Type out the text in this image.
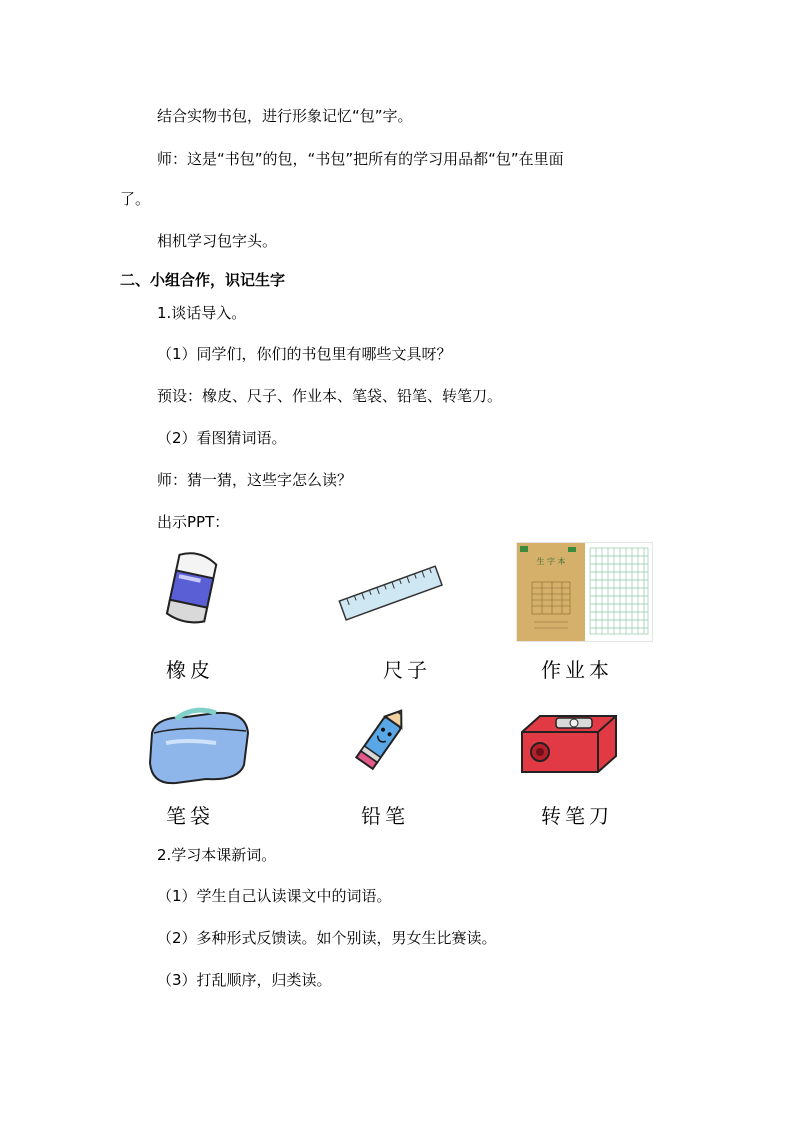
结合实物书包，进行形象记忆“包”字。
师：这是“书包”的包，“书包”把所有的学习用品都“包”在里面
了。
相机学习包字头。
二、小组合作，识记生字
1.谈话导入。
（1）同学们，你们的书包里有哪些文具呀？
预设：橡皮、尺子、作业本、笔袋、铅笔、转笔刀。
（2）看图猜词语。
师：猜一猜，这些字怎么读？
出示PPT：
生 字 本
橡皮	尺子	作业本
笔袋	铅笔	转笔刀
2.学习本课新词。
（1）学生自己认读课文中的词语。
（2）多种形式反馈读。如个别读，男女生比赛读。
（3）打乱顺序，归类读。
